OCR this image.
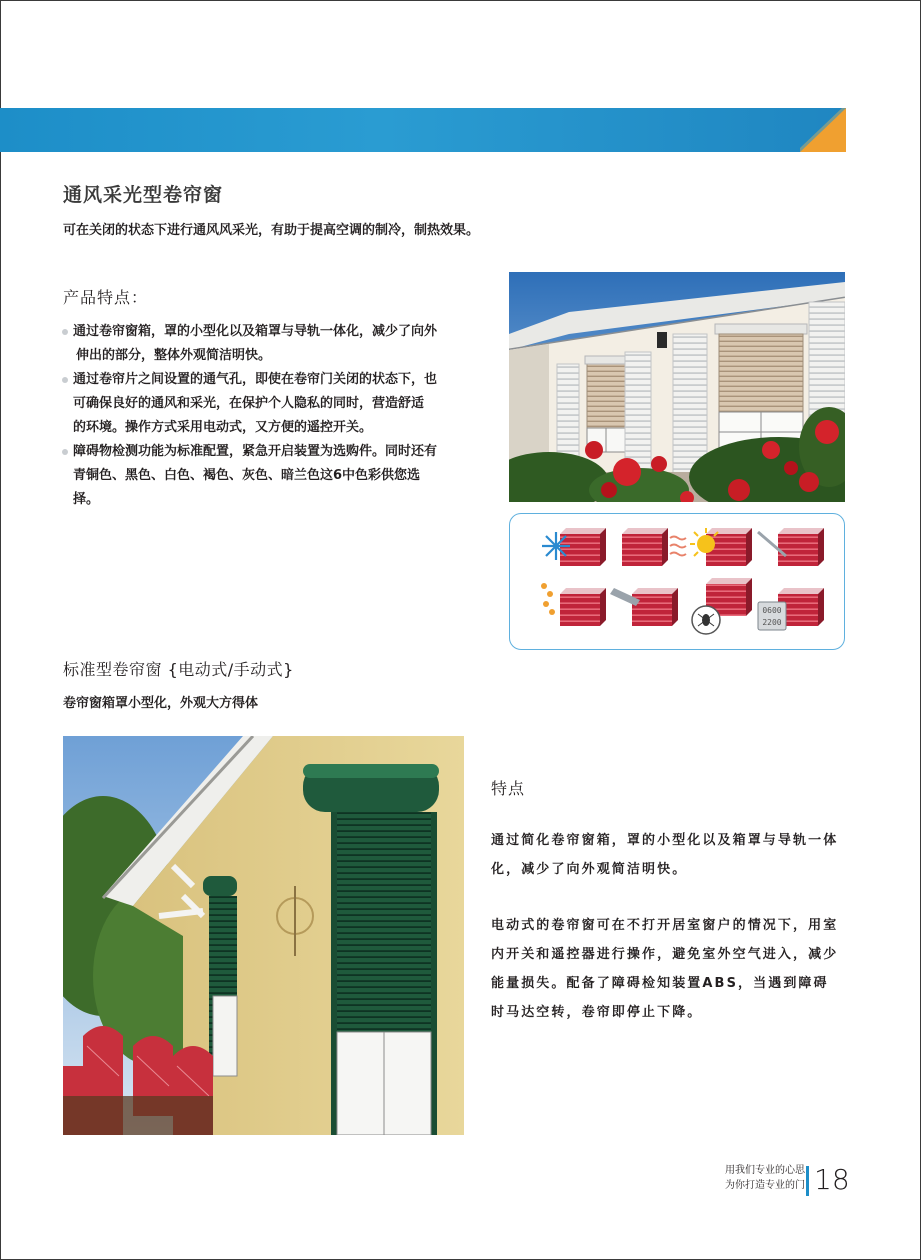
通风采光型卷帘窗
可在关闭的状态下进行通风风采光，有助于提高空调的制冷，制热效果。
产品特点：
通过卷帘窗箱，罩的小型化以及箱罩与导轨一体化，减少了向外
伸出的部分，整体外观简洁明快。
通过卷帘片之间设置的通气孔，即使在卷帘门关闭的状态下，也
可确保良好的通风和采光，在保护个人隐私的同时，营造舒适
的环境。操作方式采用电动式，又方便的遥控开关。
障碍物检测功能为标准配置，紧急开启装置为选购件。同时还有
青铜色、黑色、白色、褐色、灰色、暗兰色这6中色彩供您选
择。
0600
2200
标准型卷帘窗 {电动式/手动式}
卷帘窗箱罩小型化，外观大方得体
特点

通过简化卷帘窗箱，罩的小型化以及箱罩与导轨一体化，减少了向外观简洁明快。

电动式的卷帘窗可在不打开居室窗户的情况下，用室内开关和遥控器进行操作，避免室外空气进入，减少能量损失。配备了障碍检知装置ABS，当遇到障碍时马达空转，卷帘即停止下降。

用我们专业的心思
为你打造专业的门 18
